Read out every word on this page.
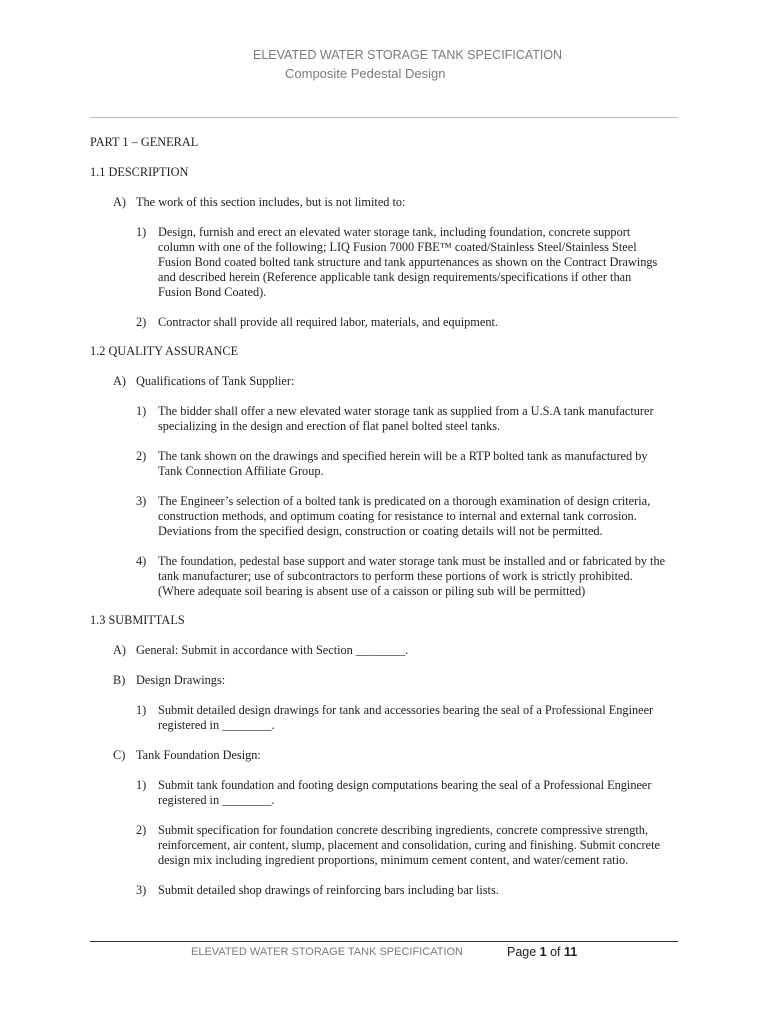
ELEVATED WATER STORAGE TANK SPECIFICATION
Composite Pedestal Design
PART 1 – GENERAL
1.1 DESCRIPTION
A) The work of this section includes, but is not limited to:
1) Design, furnish and erect an elevated water storage tank, including foundation, concrete support
column with one of the following; LIQ Fusion 7000 FBE™ coated/Stainless Steel/Stainless Steel
Fusion Bond coated bolted tank structure and tank appurtenances as shown on the Contract Drawings
and described herein (Reference applicable tank design requirements/specifications if other than
Fusion Bond Coated).
2) Contractor shall provide all required labor, materials, and equipment.
1.2 QUALITY ASSURANCE
A) Qualifications of Tank Supplier:
1) The bidder shall offer a new elevated water storage tank as supplied from a U.S.A tank manufacturer
specializing in the design and erection of flat panel bolted steel tanks.
2) The tank shown on the drawings and specified herein will be a RTP bolted tank as manufactured by
Tank Connection Affiliate Group.
3) The Engineer’s selection of a bolted tank is predicated on a thorough examination of design criteria,
construction methods, and optimum coating for resistance to internal and external tank corrosion.
Deviations from the specified design, construction or coating details will not be permitted.
4) The foundation, pedestal base support and water storage tank must be installed and or fabricated by the
tank manufacturer; use of subcontractors to perform these portions of work is strictly prohibited.
(Where adequate soil bearing is absent use of a caisson or piling sub will be permitted)
1.3 SUBMITTALS
A) General: Submit in accordance with Section ________.
B) Design Drawings:
1) Submit detailed design drawings for tank and accessories bearing the seal of a Professional Engineer
registered in ________.
C) Tank Foundation Design:
1) Submit tank foundation and footing design computations bearing the seal of a Professional Engineer
registered in ________.
2) Submit specification for foundation concrete describing ingredients, concrete compressive strength,
reinforcement, air content, slump, placement and consolidation, curing and finishing. Submit concrete
design mix including ingredient proportions, minimum cement content, and water/cement ratio.
3) Submit detailed shop drawings of reinforcing bars including bar lists.
ELEVATED WATER STORAGE TANK SPECIFICATION	Page 1 of 11
